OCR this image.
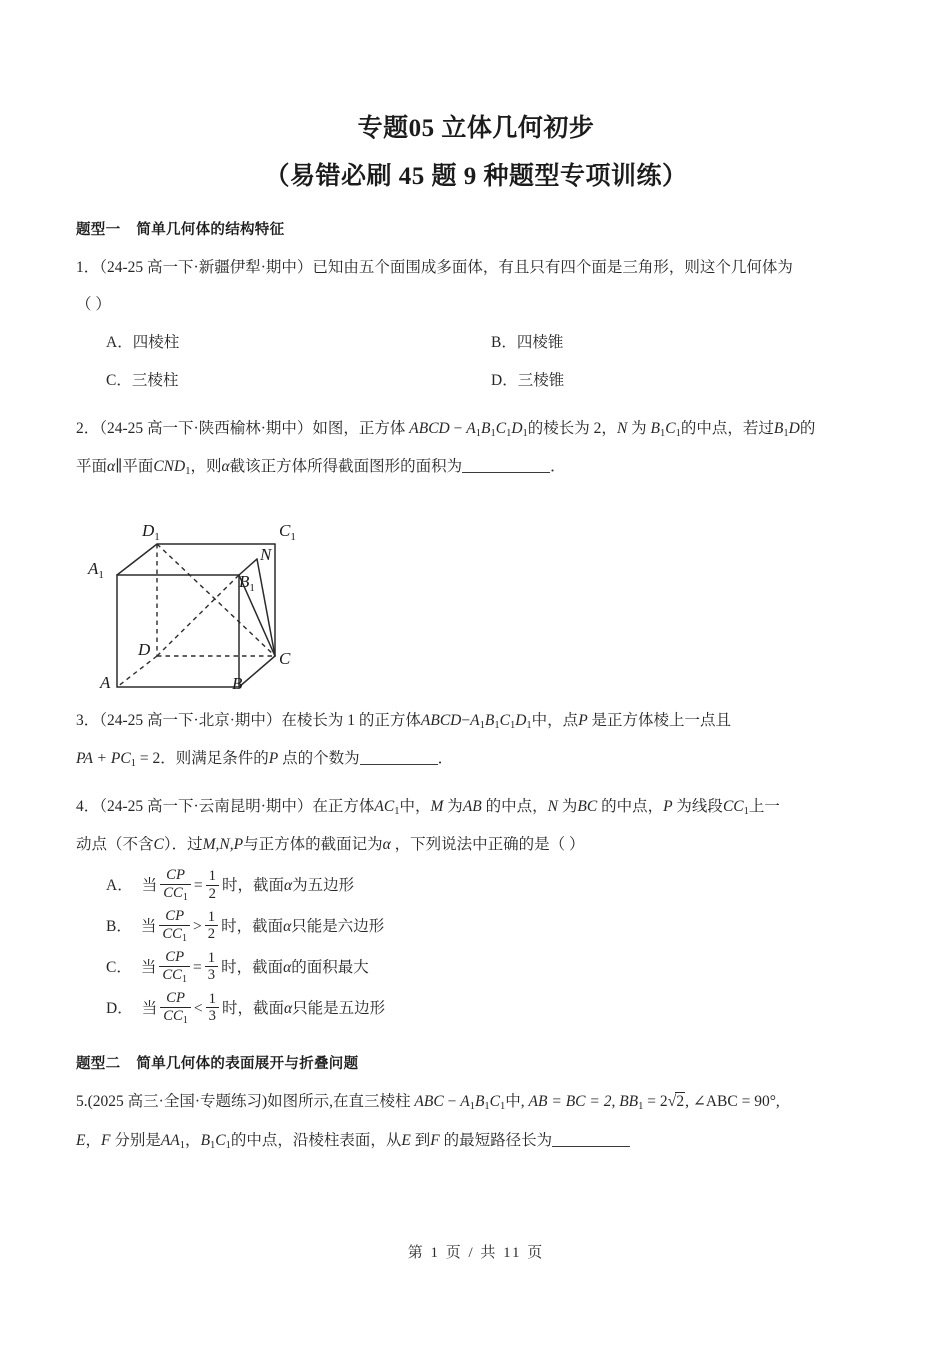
专题05 立体几何初步
（易错必刷 45 题 9 种题型专项训练）
题型一 简单几何体的结构特征
1．（24-25 高一下·新疆伊犁·期中）已知由五个面围成多面体，有且只有四个面是三角形，则这个几何体为
（ ）
A．四棱柱	B．四棱锥
C．三棱柱	D．三棱锥
2．（24-25 高一下·陕西榆林·期中）如图，正方体 ABCD − A1B1C1D1的棱长为 2，N 为 B1C1的中点，若过B1D的
平面α∥平面CND1，则α截该正方体所得截面图形的面积为	．
A	B
C
D
$A_1$	$B_1$
$C_1$
$D_1$
N
3．（24-25 高一下·北京·期中）在棱长为 1 的正方体ABCD−A1B1C1D1中，点P 是正方体棱上一点且
PA + PC1 = 2．则满足条件的P 点的个数为	．
4．（24-25 高一下·云南昆明·期中）在正方体AC1中，M 为AB 的中点，N 为BC 的中点，P 为线段CC1上一
动点（不含C）．过M,N,P与正方体的截面记为α ，下列说法中正确的是（ ）
A． 当 $\frac{CP}{CC1} = \frac{1}{2}$ 时，截面 α 为五边形
B． 当 $\frac{CP}{CC1} > \frac{1}{2}$ 时，截面 α 只能是六边形
C． 当 $\frac{CP}{CC1} = \frac{1}{3}$ 时，截面 α 的面积最大
D． 当 $\frac{CP}{CC1} < \frac{1}{3}$ 时，截面 α 只能是五边形
题型二 简单几何体的表面展开与折叠问题
5.(2025 高三·全国·专题练习)如图所示,在直三棱柱 ABC − A1B1C1中, AB = BC = 2, BB1 = 2√2, ∠ABC = 90°,
E，F 分别是AA1，B1C1的中点，沿棱柱表面，从E 到F 的最短路径长为
第 1 页 / 共 11 页
